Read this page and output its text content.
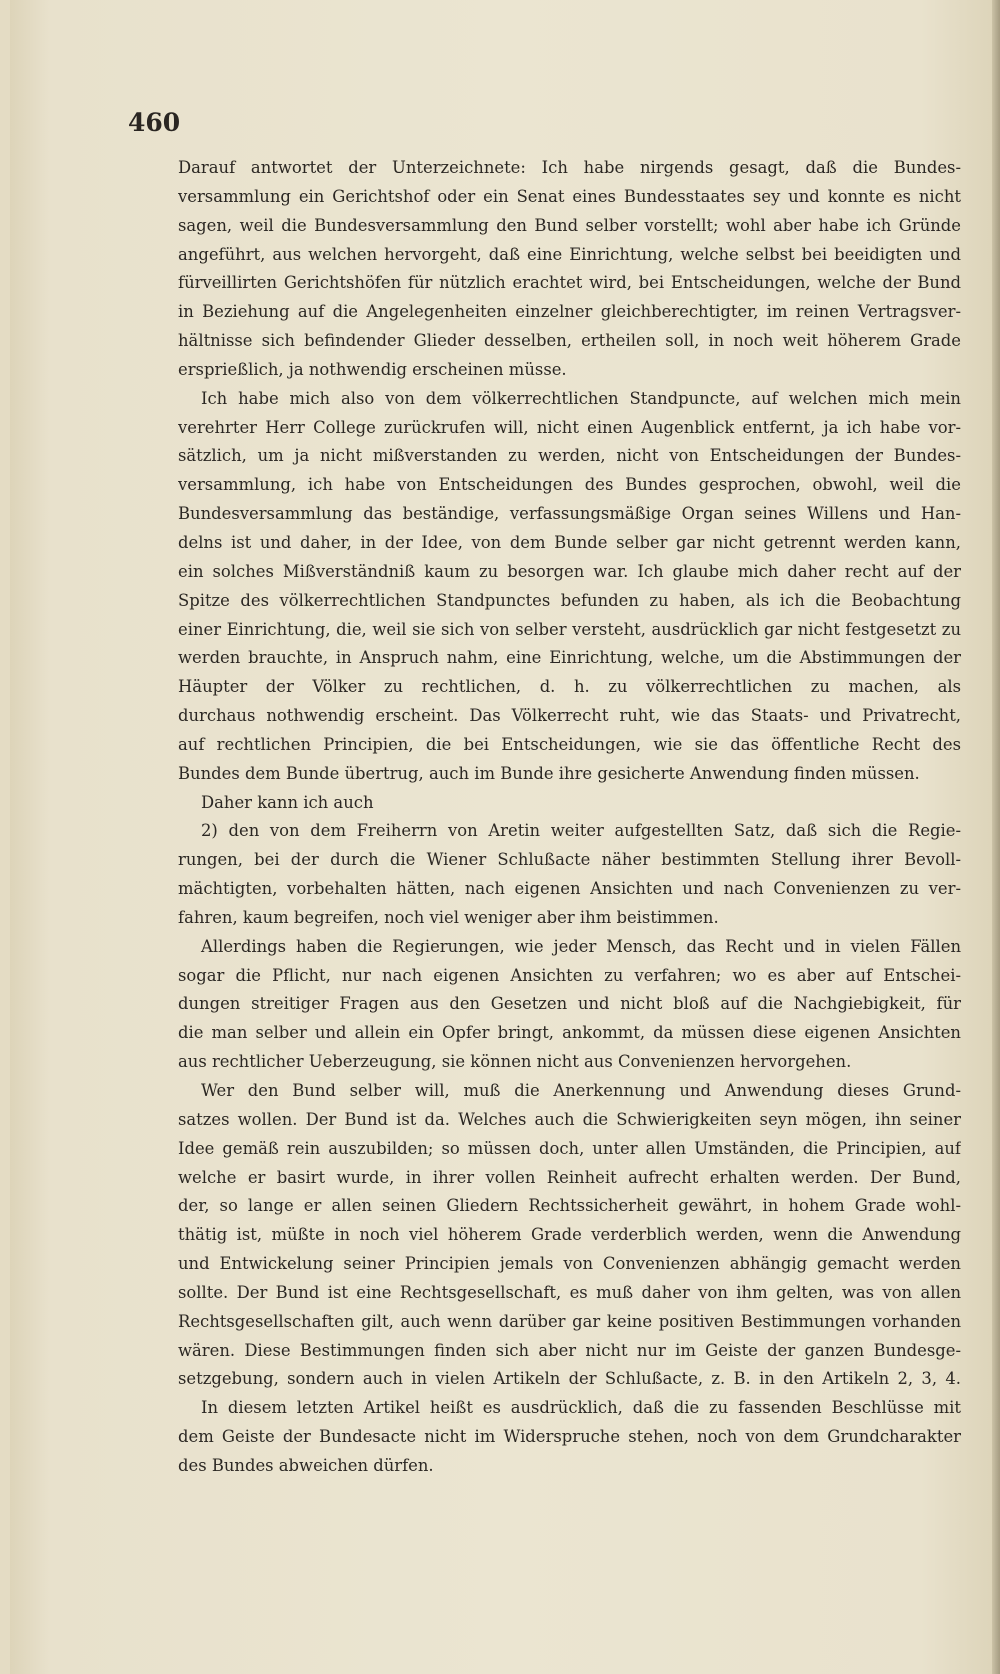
460
Darauf antwortet der Unterzeichnete: Ich habe nirgends gesagt, daß die Bundes-
versammlung ein Gerichtshof oder ein Senat eines Bundesstaates sey und konnte es nicht
sagen, weil die Bundesversammlung den Bund selber vorstellt; wohl aber habe ich Gründe
angeführt, aus welchen hervorgeht, daß eine Einrichtung, welche selbst bei beeidigten und
fürveillirten Gerichtshöfen für nützlich erachtet wird, bei Entscheidungen, welche der Bund
in Beziehung auf die Angelegenheiten einzelner gleichberechtigter, im reinen Vertragsver-
hältnisse sich befindender Glieder desselben, ertheilen soll, in noch weit höherem Grade
ersprießlich, ja nothwendig erscheinen müsse.
Ich habe mich also von dem völkerrechtlichen Standpuncte, auf welchen mich mein
verehrter Herr College zurückrufen will, nicht einen Augenblick entfernt, ja ich habe vor-
sätzlich, um ja nicht mißverstanden zu werden, nicht von Entscheidungen der Bundes-
versammlung, ich habe von Entscheidungen des Bundes gesprochen, obwohl, weil die
Bundesversammlung das beständige, verfassungsmäßige Organ seines Willens und Han-
delns ist und daher, in der Idee, von dem Bunde selber gar nicht getrennt werden kann,
ein solches Mißverständniß kaum zu besorgen war. Ich glaube mich daher recht auf der
Spitze des völkerrechtlichen Standpunctes befunden zu haben, als ich die Beobachtung
einer Einrichtung, die, weil sie sich von selber versteht, ausdrücklich gar nicht festgesetzt zu
werden brauchte, in Anspruch nahm, eine Einrichtung, welche, um die Abstimmungen der
Häupter der Völker zu rechtlichen, d. h. zu völkerrechtlichen zu machen, als
durchaus nothwendig erscheint. Das Völkerrecht ruht, wie das Staats- und Privatrecht,
auf rechtlichen Principien, die bei Entscheidungen, wie sie das öffentliche Recht des
Bundes dem Bunde übertrug, auch im Bunde ihre gesicherte Anwendung finden müssen.
Daher kann ich auch
2) den von dem Freiherrn von Aretin weiter aufgestellten Satz, daß sich die Regie-
rungen, bei der durch die Wiener Schlußacte näher bestimmten Stellung ihrer Bevoll-
mächtigten, vorbehalten hätten, nach eigenen Ansichten und nach Convenienzen zu ver-
fahren, kaum begreifen, noch viel weniger aber ihm beistimmen.
Allerdings haben die Regierungen, wie jeder Mensch, das Recht und in vielen Fällen
sogar die Pflicht, nur nach eigenen Ansichten zu verfahren; wo es aber auf Entschei-
dungen streitiger Fragen aus den Gesetzen und nicht bloß auf die Nachgiebigkeit, für
die man selber und allein ein Opfer bringt, ankommt, da müssen diese eigenen Ansichten
aus rechtlicher Ueberzeugung, sie können nicht aus Convenienzen hervorgehen.
Wer den Bund selber will, muß die Anerkennung und Anwendung dieses Grund-
satzes wollen. Der Bund ist da. Welches auch die Schwierigkeiten seyn mögen, ihn seiner
Idee gemäß rein auszubilden; so müssen doch, unter allen Umständen, die Principien, auf
welche er basirt wurde, in ihrer vollen Reinheit aufrecht erhalten werden. Der Bund,
der, so lange er allen seinen Gliedern Rechtssicherheit gewährt, in hohem Grade wohl-
thätig ist, müßte in noch viel höherem Grade verderblich werden, wenn die Anwendung
und Entwickelung seiner Principien jemals von Convenienzen abhängig gemacht werden
sollte. Der Bund ist eine Rechtsgesellschaft, es muß daher von ihm gelten, was von allen
Rechtsgesellschaften gilt, auch wenn darüber gar keine positiven Bestimmungen vorhanden
wären. Diese Bestimmungen finden sich aber nicht nur im Geiste der ganzen Bundesge-
setzgebung, sondern auch in vielen Artikeln der Schlußacte, z. B. in den Artikeln 2, 3, 4.
In diesem letzten Artikel heißt es ausdrücklich, daß die zu fassenden Beschlüsse mit
dem Geiste der Bundesacte nicht im Widerspruche stehen, noch von dem Grundcharakter
des Bundes abweichen dürfen.
